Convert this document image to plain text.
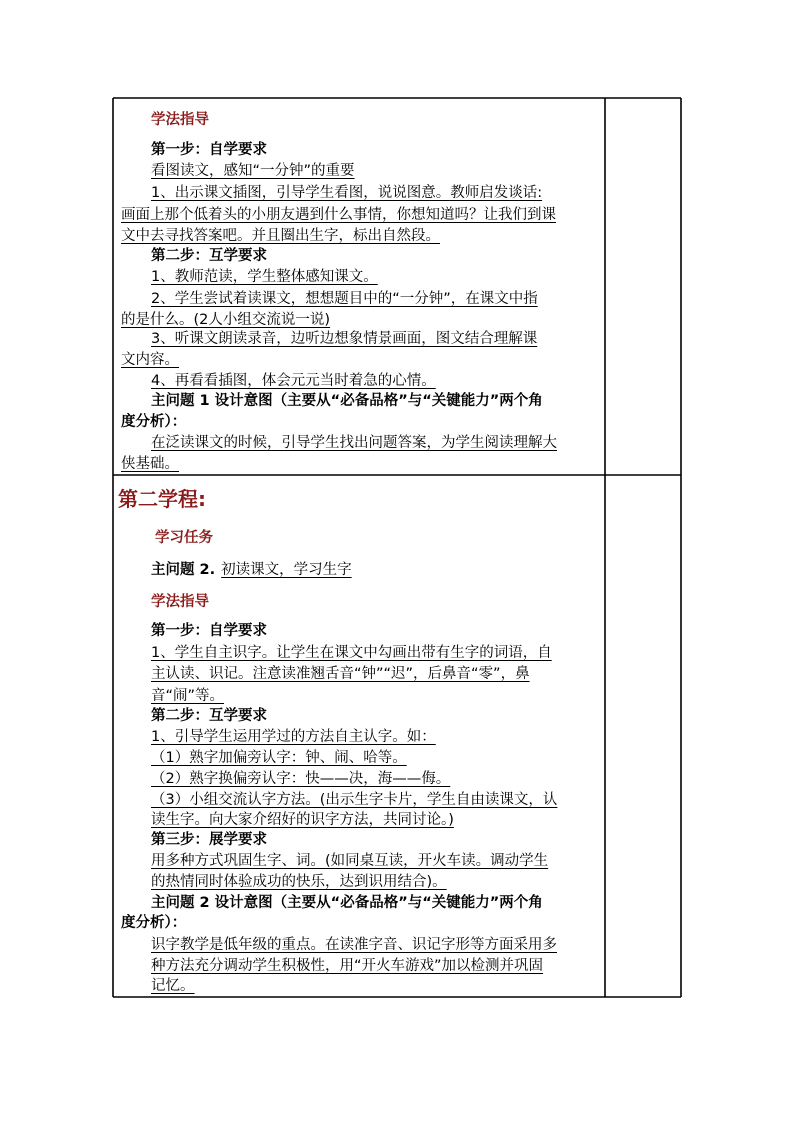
学法指导
第一步：自学要求
看图读文，感知“一分钟”的重要
1、出示课文插图，引导学生看图，说说图意。教师启发谈话:
画面上那个低着头的小朋友遇到什么事情，你想知道吗？让我们到课
文中去寻找答案吧。并且圈出生字，标出自然段。
第二步：互学要求
1、教师范读，学生整体感知课文。
2、学生尝试着读课文，想想题目中的“一分钟”，在课文中指
的是什么。(2人小组交流说一说)
3、听课文朗读录音，边听边想象情景画面，图文结合理解课
文内容。
4、再看看插图，体会元元当时着急的心情。
主问题 1 设计意图（主要从“必备品格”与“关键能力”两个角
度分析）：
在泛读课文的时候，引导学生找出问题答案，为学生阅读理解大
侠基础。
第二学程:
学习任务
主问题 2. 初读课文，学习生字
学法指导
第一步：自学要求
1、学生自主识字。让学生在课文中勾画出带有生字的词语，自
主认读、识记。注意读准翘舌音“钟”“迟”，后鼻音“零”，鼻
音“闹”等。
第二步：互学要求
1、引导学生运用学过的方法自主认字。如：
（1）熟字加偏旁认字：钟、闹、哈等。
（2）熟字换偏旁认字：快——决，海——侮。
（3）小组交流认字方法。(出示生字卡片，学生自由读课文，认
读生字。向大家介绍好的识字方法，共同讨论。)
第三步：展学要求
用多种方式巩固生字、词。(如同桌互读，开火车读。调动学生
的热情同时体验成功的快乐，达到识用结合)。
主问题 2 设计意图（主要从“必备品格”与“关键能力”两个角
度分析）：
识字教学是低年级的重点。在读准字音、识记字形等方面采用多
种方法充分调动学生积极性，用“开火车游戏”加以检测并巩固
记忆。
